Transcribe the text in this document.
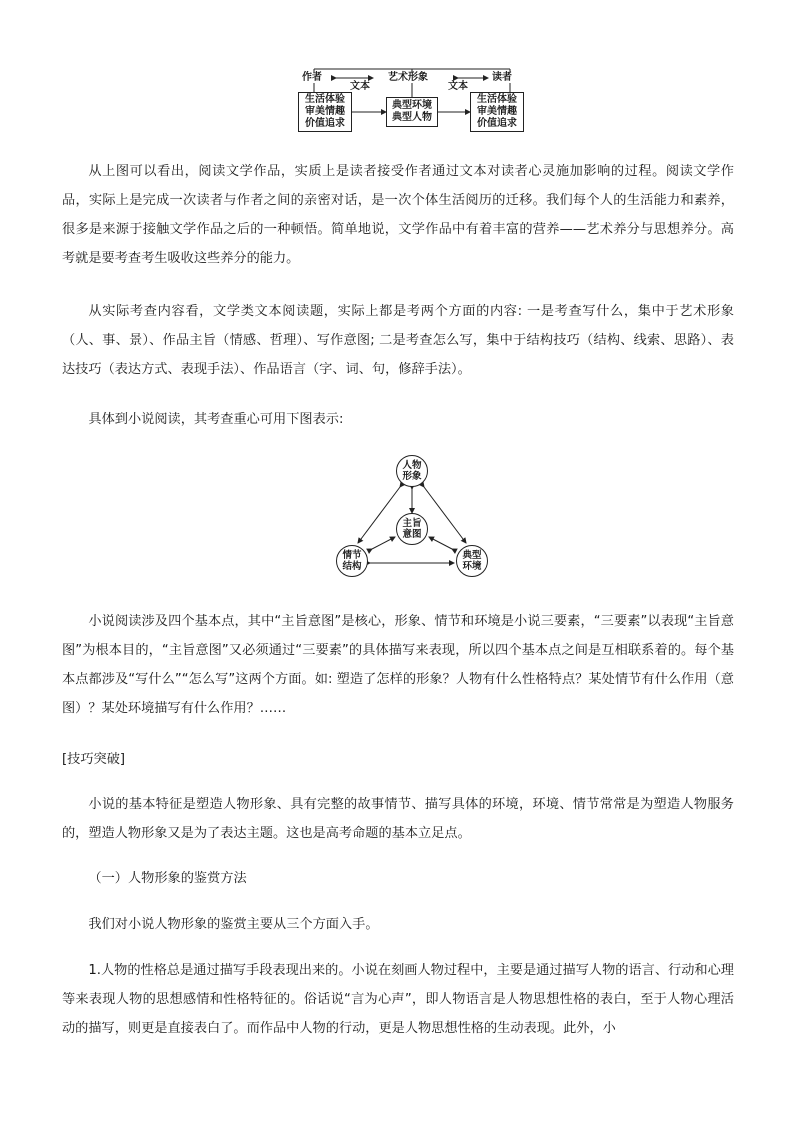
作者	艺术形象	读者
文本	文本
生活体验
审美情趣
价值追求
典型环境
典型人物
生活体验
审美情趣
价值追求

从上图可以看出，阅读文学作品，实质上是读者接受作者通过文本对读者心灵施加影响的过程。阅读文学作品，实际上是完成一次读者与作者之间的亲密对话，是一次个体生活阅历的迁移。我们每个人的生活能力和素养，很多是来源于接触文学作品之后的一种顿悟。简单地说，文学作品中有着丰富的营养——艺术养分与思想养分。高考就是要考查考生吸收这些养分的能力。

从实际考查内容看，文学类文本阅读题，实际上都是考两个方面的内容: 一是考查写什么，集中于艺术形象（人、事、景）、作品主旨（情感、哲理）、写作意图; 二是考查怎么写，集中于结构技巧（结构、线索、思路）、表达技巧（表达方式、表现手法）、作品语言（字、词、句，修辞手法）。

具体到小说阅读，其考查重心可用下图表示:

人物
形象
主旨
意图
情节
结构
典型
环境

小说阅读涉及四个基本点，其中“主旨意图”是核心，形象、情节和环境是小说三要素，“三要素”以表现“主旨意图”为根本目的，“主旨意图”又必须通过“三要素”的具体描写来表现，所以四个基本点之间是互相联系着的。每个基本点都涉及“写什么”“怎么写”这两个方面。如: 塑造了怎样的形象？人物有什么性格特点？某处情节有什么作用（意图）？某处环境描写有什么作用？……

[技巧突破]

小说的基本特征是塑造人物形象、具有完整的故事情节、描写具体的环境，环境、情节常常是为塑造人物服务的，塑造人物形象又是为了表达主题。这也是高考命题的基本立足点。

（一）人物形象的鉴赏方法

我们对小说人物形象的鉴赏主要从三个方面入手。

1.人物的性格总是通过描写手段表现出来的。小说在刻画人物过程中，主要是通过描写人物的语言、行动和心理等来表现人物的思想感情和性格特征的。俗话说“言为心声”，即人物语言是人物思想性格的表白，至于人物心理活动的描写，则更是直接表白了。而作品中人物的行动，更是人物思想性格的生动表现。此外，小
